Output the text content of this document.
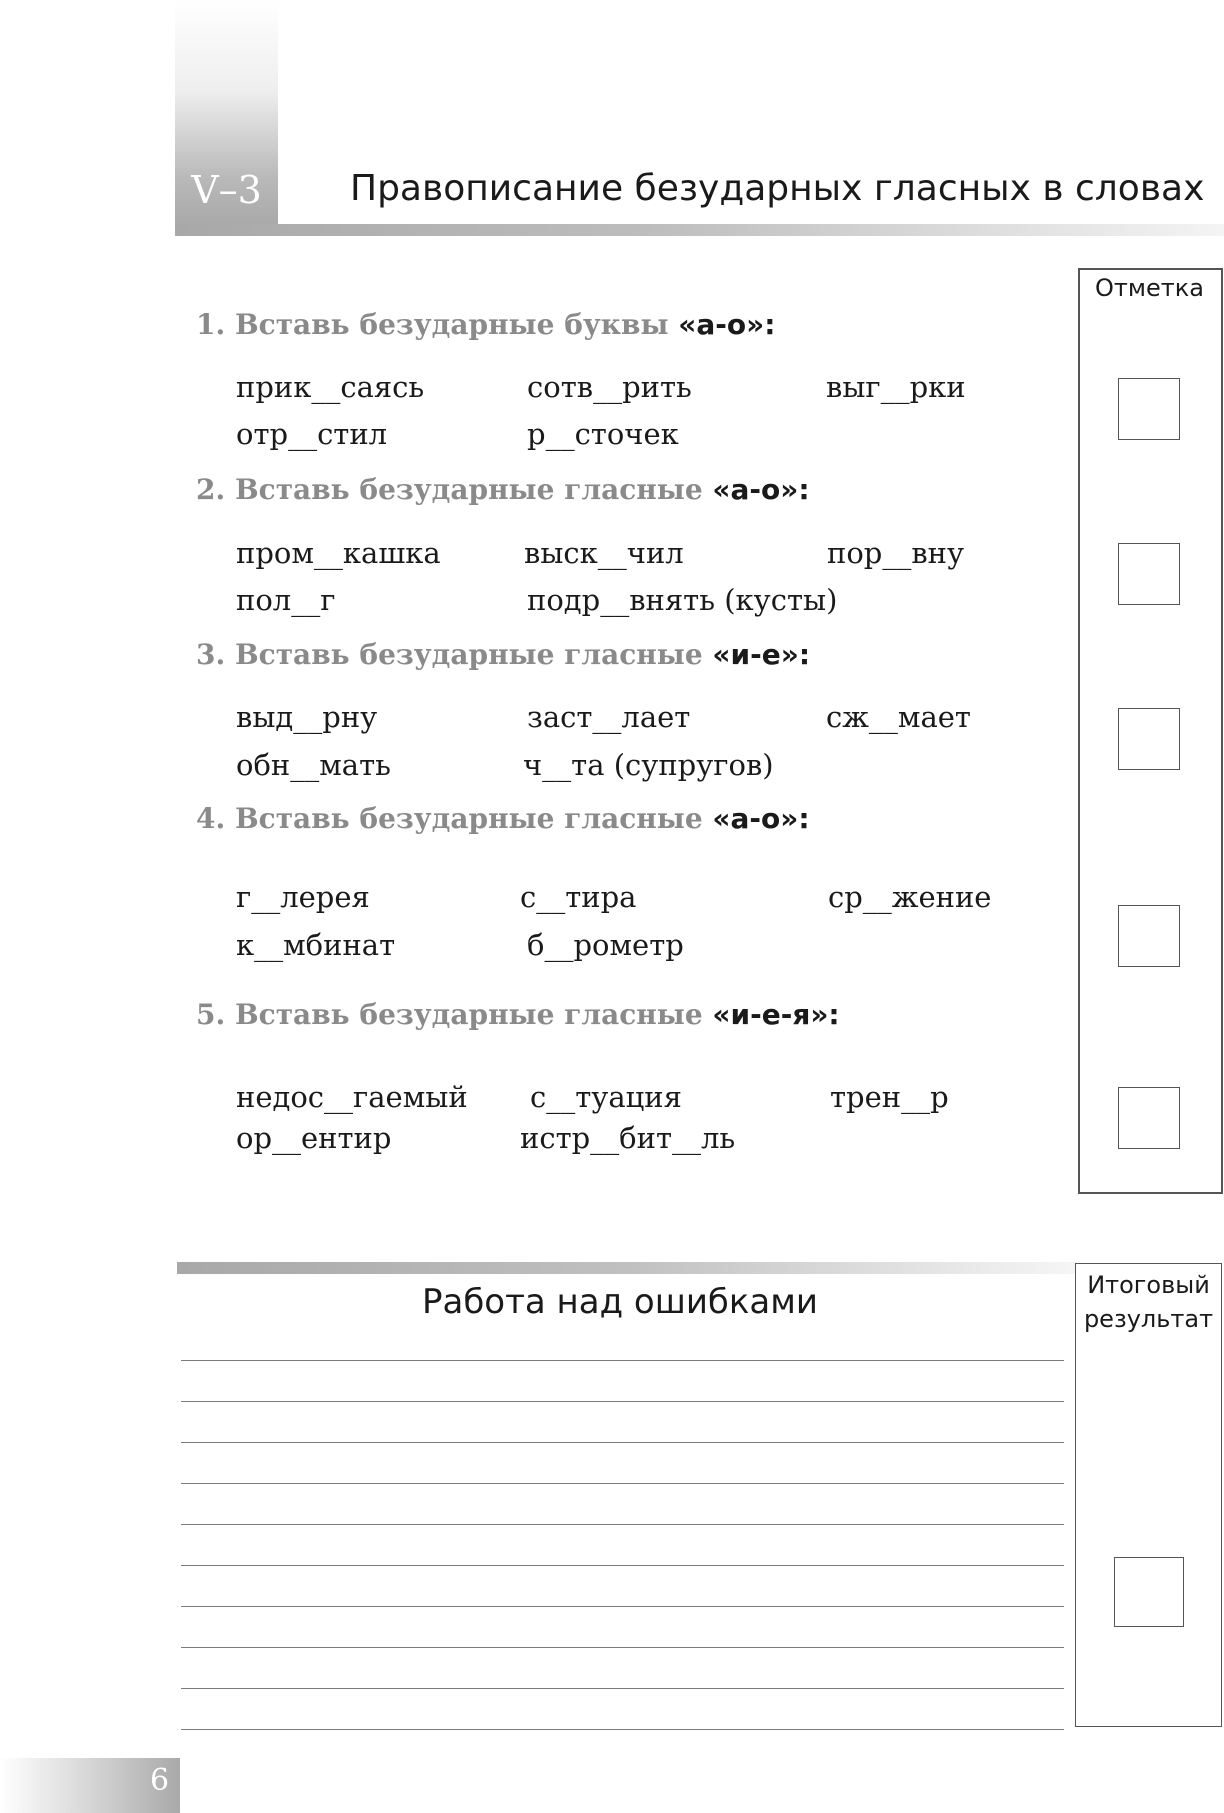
V–3	Правописание безударных гласных в словах
Отметка
1. Вставь безударные буквы «а-о»:
прик__саясь	сотв__рить	выг__рки
отр__стил	р__сточек
2. Вставь безударные гласные «а-о»:
пром__кашка	выск__чил	пор__вну
пол__г	подр__внять (кусты)
3. Вставь безударные гласные «и-е»:
выд__рну	заст__лает	сж__мает
обн__мать	ч__та (супругов)
4. Вставь безударные гласные «а-о»:
г__лерея	с__тира	ср__жение
к__мбинат	б__рометр
5. Вставь безударные гласные «и-е-я»:
недос__гаемый с__туация	трен__р
ор__ентир	истр__бит__ль
Работа над ошибками	Итоговый
результат
6
